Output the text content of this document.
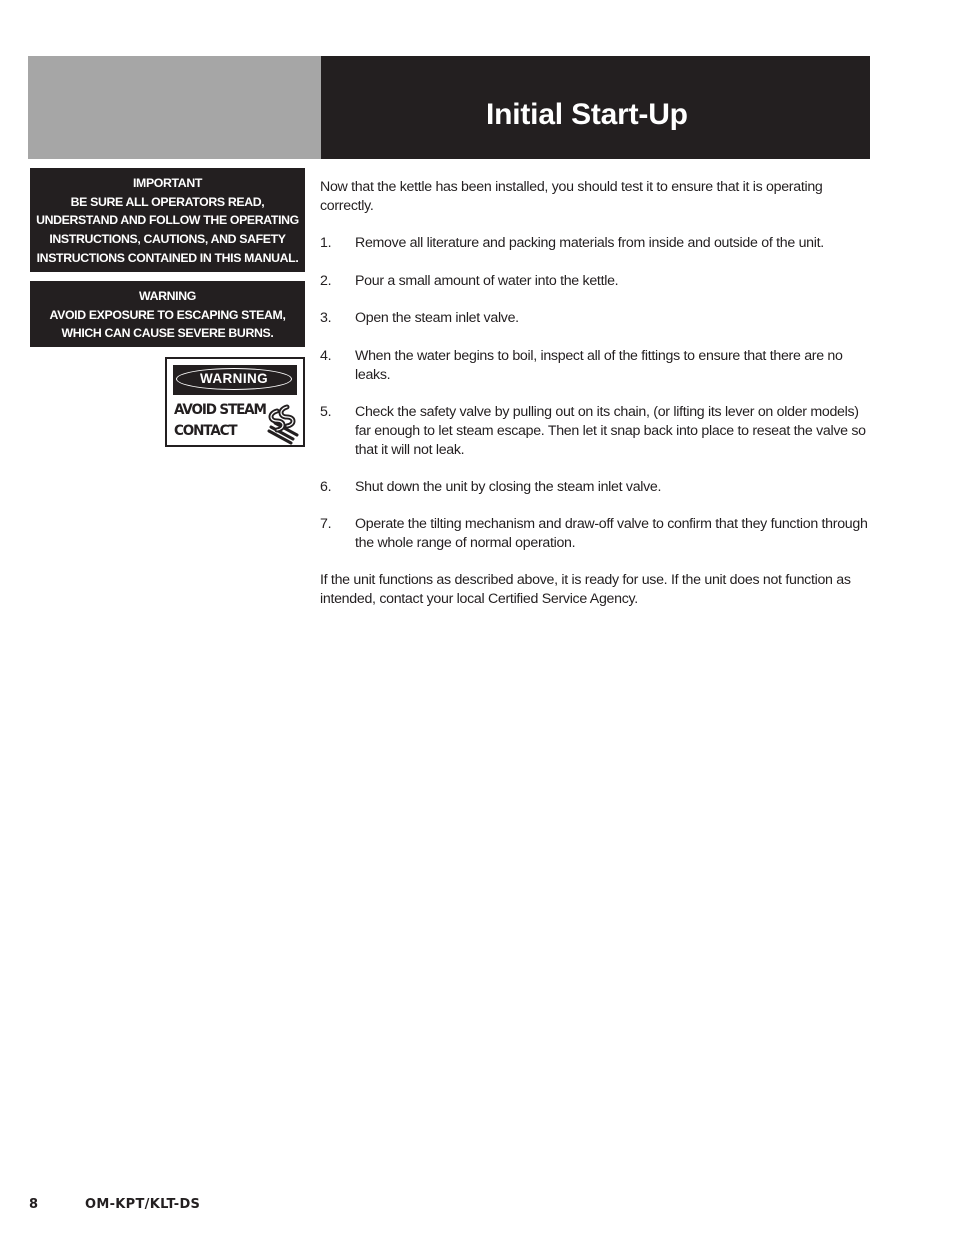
Initial Start-Up
IMPORTANT
BE SURE ALL OPERATORS READ,
UNDERSTAND AND FOLLOW THE OPERATING
INSTRUCTIONS, CAUTIONS, AND SAFETY
INSTRUCTIONS CONTAINED IN THIS MANUAL.
WARNING
AVOID EXPOSURE TO ESCAPING STEAM,
WHICH CAN CAUSE SEVERE BURNS.
WARNING
AVOID STEAM
CONTACT

Now that the kettle has been installed, you should test it to ensure that it is operating correctly.

1. Remove all literature and packing materials from inside and outside of the unit.
2. Pour a small amount of water into the kettle.
3. Open the steam inlet valve.
4. When the water begins to boil, inspect all of the fittings to ensure that there are no leaks.
5. Check the safety valve by pulling out on its chain, (or lifting its lever on older models) far enough to let steam escape. Then let it snap back into place to reseat the valve so that it will not leak.
6. Shut down the unit by closing the steam inlet valve.
7. Operate the tilting mechanism and draw-off valve to confirm that they function through the whole range of normal operation.

If the unit functions as described above, it is ready for use. If the unit does not function as intended, contact your local Certified Service Agency.

8	OM-KPT/KLT-DS
